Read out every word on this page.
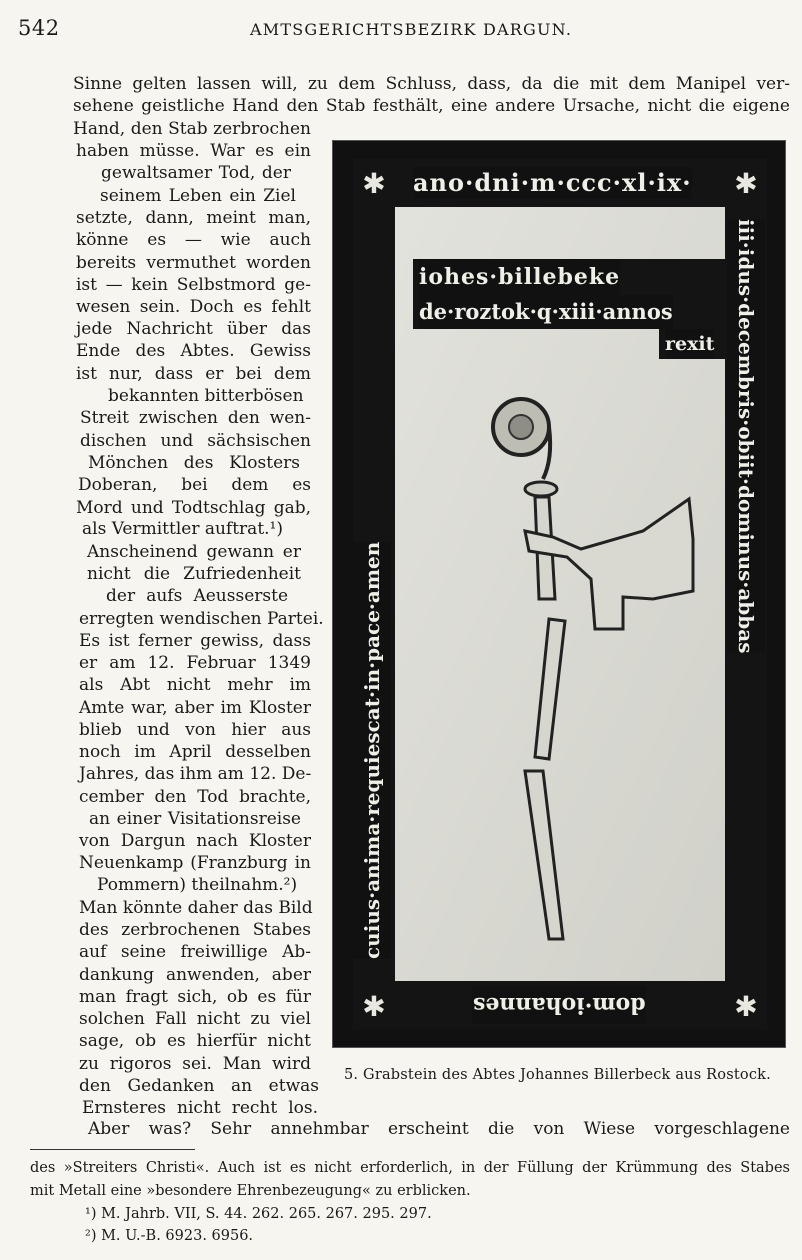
542	AMTSGERICHTSBEZIRK DARGUN.
Sinne gelten lassen will, zu dem Schluss, dass, da die mit dem Manipel ver-
sehene geistliche Hand den Stab festhält, eine andere Ursache, nicht die eigene
Hand, den Stab zerbrochen
haben müsse. War es ein
gewaltsamer Tod, der
seinem Leben ein Ziel
setzte, dann, meint man,
könne es — wie auch
bereits vermuthet worden
ist — kein Selbstmord ge-
wesen sein. Doch es fehlt
jede Nachricht über das
Ende des Abtes. Gewiss
ist nur, dass er bei dem
bekannten bitterbösen
Streit zwischen den wen-
dischen und sächsischen
Mönchen des Klosters
Doberan, bei dem es
Mord und Todtschlag gab,
als Vermittler auftrat.¹)
Anscheinend gewann er
nicht die Zufriedenheit
der aufs Aeusserste
erregten wendischen Partei.
Es ist ferner gewiss, dass
er am 12. Februar 1349
als Abt nicht mehr im
Amte war, aber im Kloster
blieb und von hier aus
noch im April desselben
Jahres, das ihm am 12. De-
cember den Tod brachte,
an einer Visitationsreise
von Dargun nach Kloster
Neuenkamp (Franzburg in
Pommern) theilnahm.²)
Man könnte daher das Bild
des zerbrochenen Stabes
auf seine freiwillige Ab-
dankung anwenden, aber
man fragt sich, ob es für
solchen Fall nicht zu viel
sage, ob es hierfür nicht
zu rigoros sei. Man wird
den Gedanken an etwas
Ernsteres nicht recht los.
Aber was? Sehr annehmbar erscheint die von Wiese vorgeschlagene
✱	✱
✱	✱
ano·dni·m·ccc·xl·ix·
iohes·billebeke
de·roztok·q·xiii·annos
rexit iii·idus·decembris·obiit·dominus·abbas
cuius·anima·requiescat·in·pace·amen
dom·iohannes
5. Grabstein des Abtes Johannes Billerbeck aus Rostock.
des »Streiters Christi«. Auch ist es nicht erforderlich, in der Füllung der Krümmung des Stabes
mit Metall eine »besondere Ehrenbezeugung« zu erblicken.
¹) M. Jahrb. VII, S. 44. 262. 265. 267. 295. 297.
²) M. U.-B. 6923. 6956.
